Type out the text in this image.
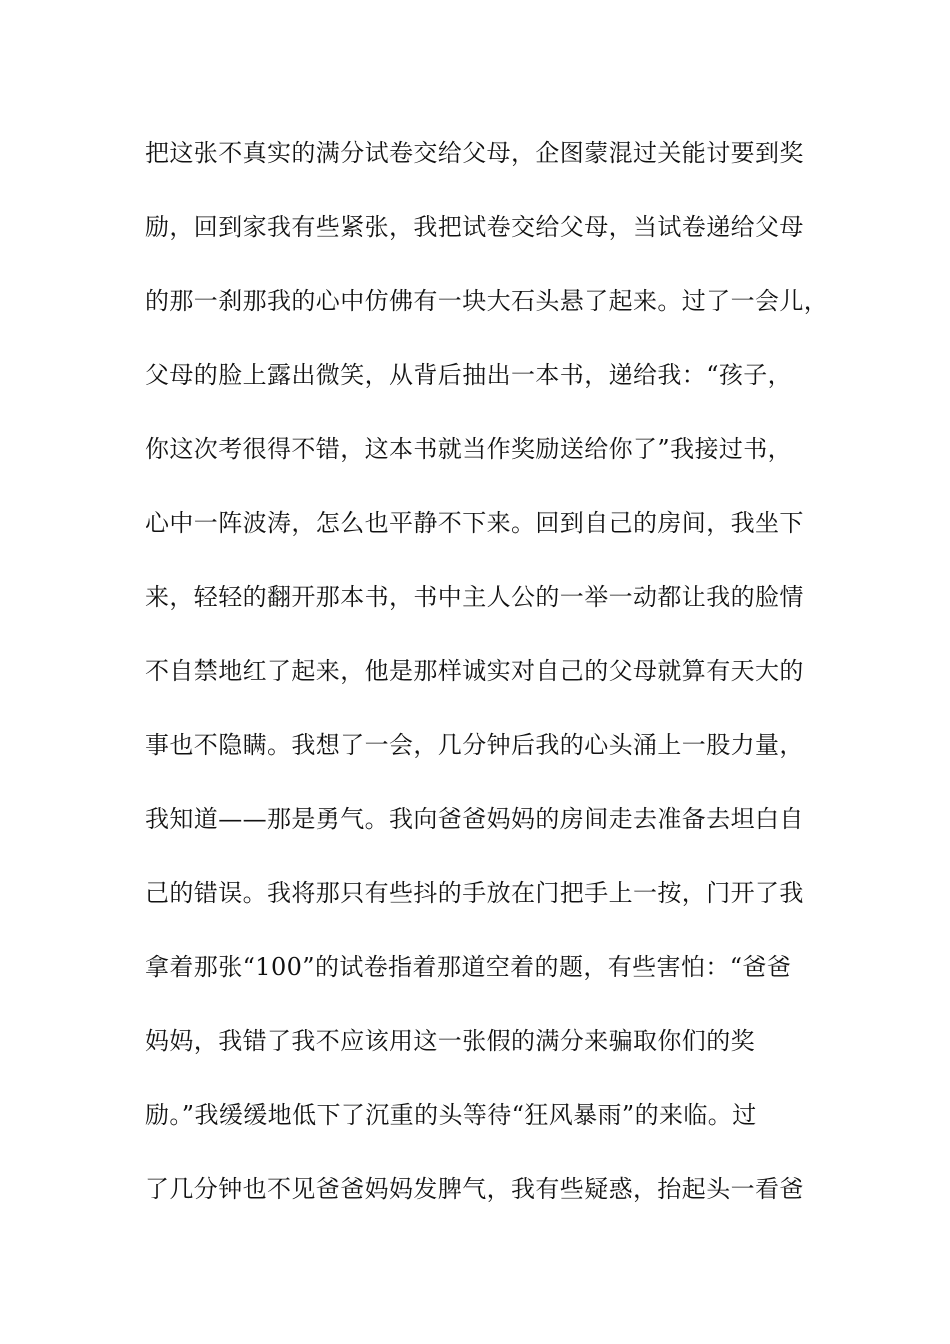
把这张不真实的满分试卷交给父母，企图蒙混过关能讨要到奖
励，回到家我有些紧张，我把试卷交给父母，当试卷递给父母
的那一刹那我的心中仿佛有一块大石头悬了起来。过了一会儿，
父母的脸上露出微笑，从背后抽出一本书，递给我：“孩子，
你这次考很得不错，这本书就当作奖励送给你了”我接过书，
心中一阵波涛，怎么也平静不下来。回到自己的房间，我坐下
来，轻轻的翻开那本书，书中主人公的一举一动都让我的脸情
不自禁地红了起来，他是那样诚实对自己的父母就算有天大的
事也不隐瞒。我想了一会，几分钟后我的心头涌上一股力量，
我知道——那是勇气。我向爸爸妈妈的房间走去准备去坦白自
己的错误。我将那只有些抖的手放在门把手上一按，门开了我
拿着那张“100”的试卷指着那道空着的题，有些害怕：“爸爸
妈妈，我错了我不应该用这一张假的满分来骗取你们的奖
励。”我缓缓地低下了沉重的头等待“狂风暴雨”的来临。过
了几分钟也不见爸爸妈妈发脾气，我有些疑惑，抬起头一看爸
